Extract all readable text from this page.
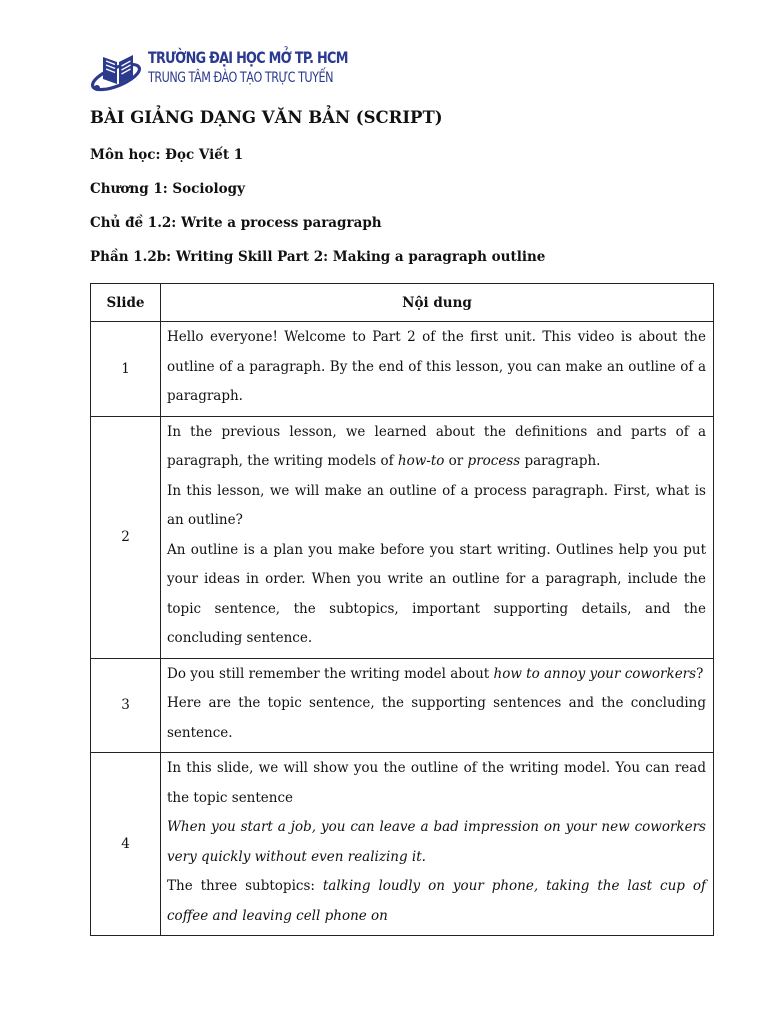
TRƯỜNG ĐẠI HỌC MỞ TP. HCM
TRUNG TÂM ĐÀO TẠO TRỰC TUYẾN
BÀI GIẢNG DẠNG VĂN BẢN (SCRIPT)

Môn học: Đọc Viết 1

Chương 1: Sociology

Chủ đề 1.2: Write a process paragraph

Phần 1.2b: Writing Skill Part 2: Making a paragraph outline

Slide	Nội dung
1	Hello everyone! Welcome to Part 2 of the first unit. This video is about the outline of a paragraph. By the end of this lesson, you can make an outline of a paragraph.

2	In the previous lesson, we learned about the definitions and parts of a paragraph, the writing models of how-to or process paragraph.

In this lesson, we will make an outline of a process paragraph. First, what is an outline?

An outline is a plan you make before you start writing. Outlines help you put your ideas in order. When you write an outline for a paragraph, include the topic sentence, the subtopics, important supporting details, and the concluding sentence.

3	Do you still remember the writing model about how to annoy your coworkers?

Here are the topic sentence, the supporting sentences and the concluding sentence.

4	In this slide, we will show you the outline of the writing model. You can read the topic sentence

When you start a job, you can leave a bad impression on your new coworkers very quickly without even realizing it.

The three subtopics: talking loudly on your phone, taking the last cup of coffee and leaving cell phone on
